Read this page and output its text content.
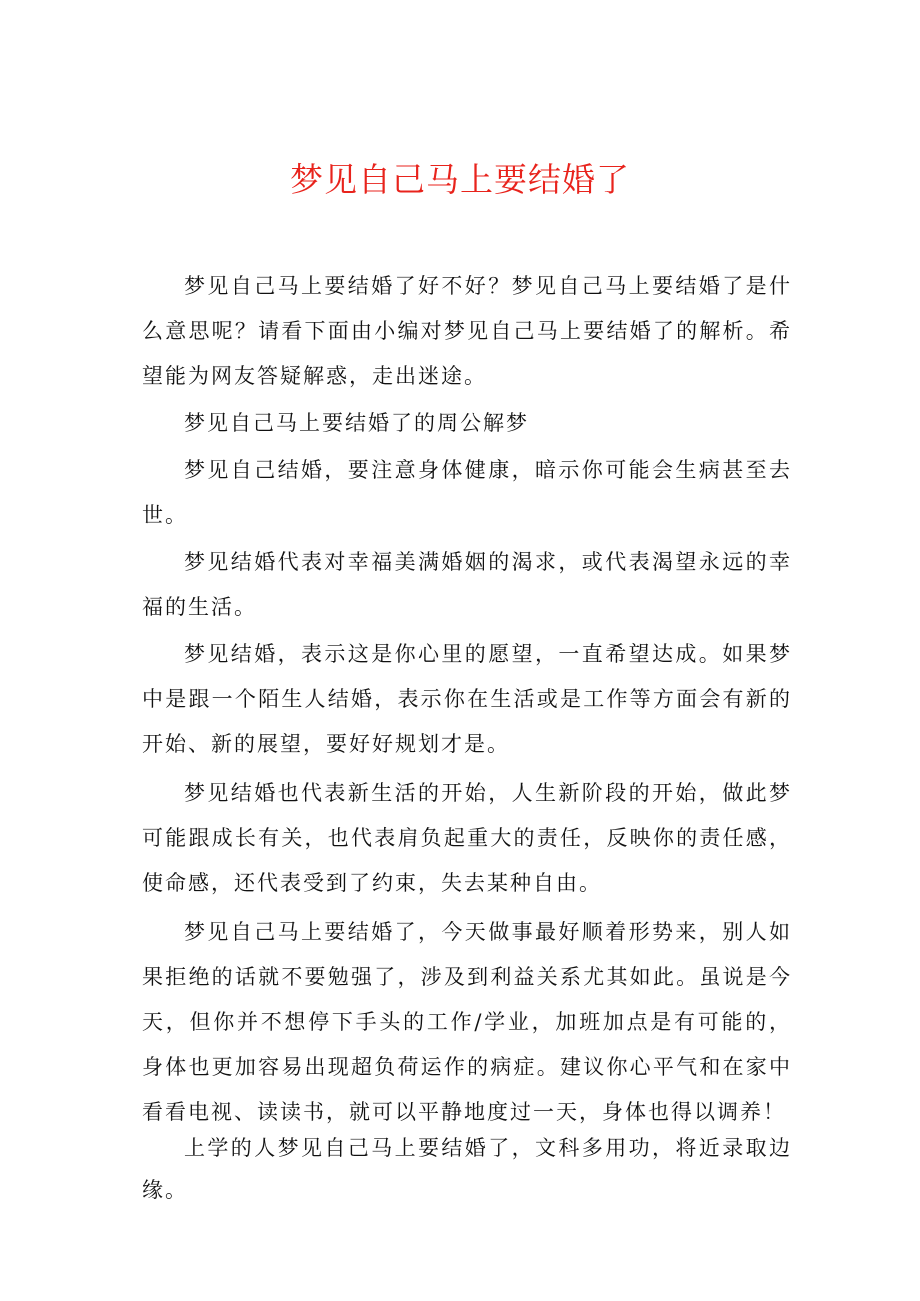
梦见自己马上要结婚了

梦见自己马上要结婚了好不好？梦见自己马上要结婚了是什么意思呢？请看下面由小编对梦见自己马上要结婚了的解析。希望能为网友答疑解惑，走出迷途。

梦见自己马上要结婚了的周公解梦

梦见自己结婚，要注意身体健康，暗示你可能会生病甚至去世。

梦见结婚代表对幸福美满婚姻的渴求，或代表渴望永远的幸福的生活。

梦见结婚，表示这是你心里的愿望，一直希望达成。如果梦中是跟一个陌生人结婚，表示你在生活或是工作等方面会有新的开始、新的展望，要好好规划才是。

梦见结婚也代表新生活的开始，人生新阶段的开始，做此梦可能跟成长有关，也代表肩负起重大的责任，反映你的责任感，使命感，还代表受到了约束，失去某种自由。

梦见自己马上要结婚了，今天做事最好顺着形势来，别人如果拒绝的话就不要勉强了，涉及到利益关系尤其如此。虽说是今天，但你并不想停下手头的工作/学业，加班加点是有可能的，身体也更加容易出现超负荷运作的病症。建议你心平气和在家中看看电视、读读书，就可以平静地度过一天，身体也得以调养！

上学的人梦见自己马上要结婚了，文科多用功，将近录取边缘。
